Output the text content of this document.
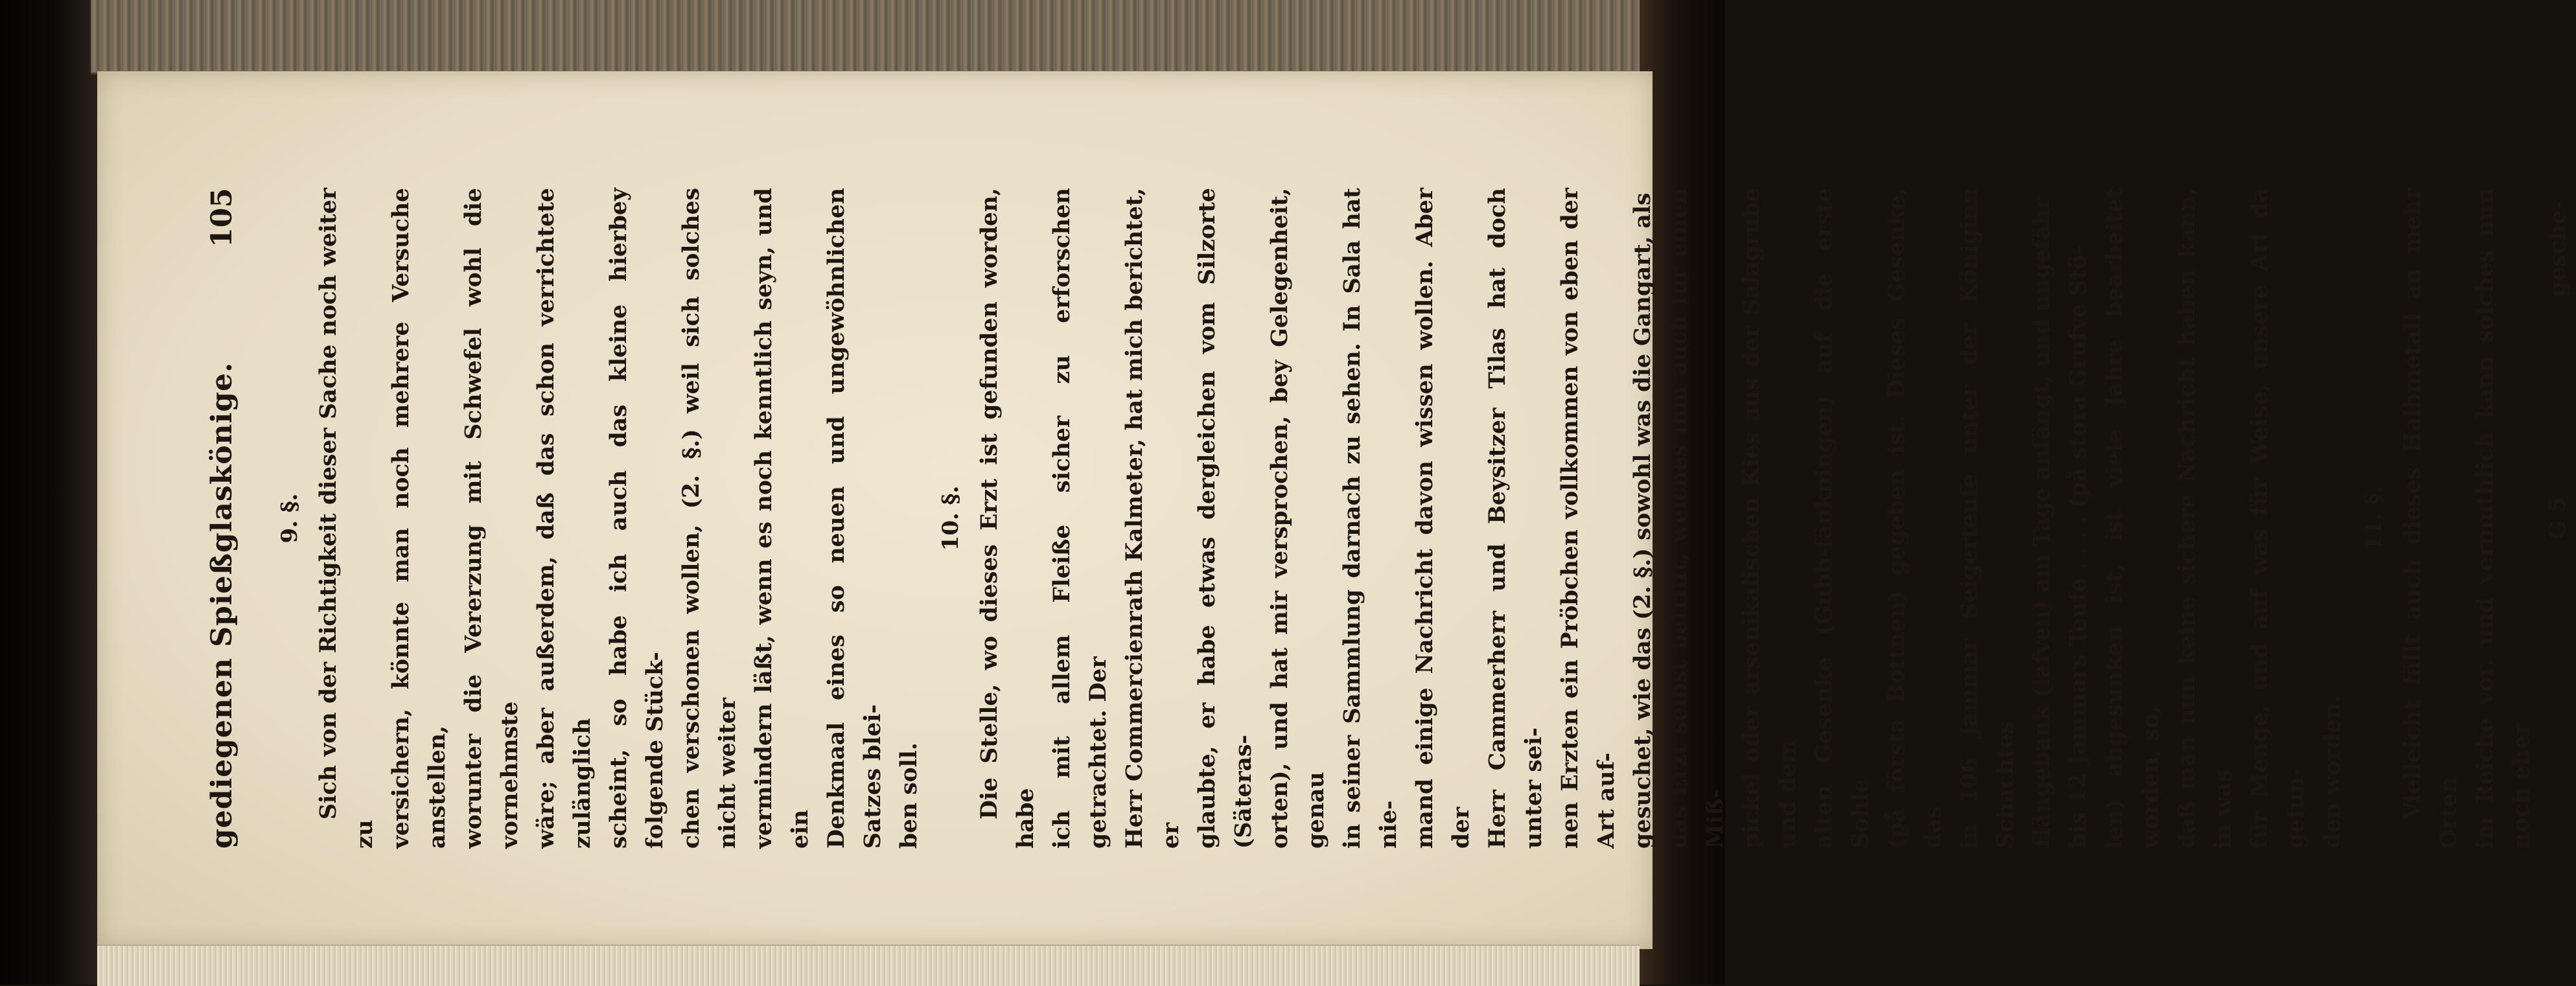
gediegenen Spießglaskönige.
105
9. §. Sich von der Richtigkeit dieser Sache noch weiter zu versichern, könnte man noch mehrere Versuche anstellen, worunter die Vererzung mit Schwefel wohl die vornehmste wäre; aber außerdem, daß das schon verrichtete zulänglich scheint, so habe ich auch das kleine hierbey folgende Stück- chen verschonen wollen, (2. §.) weil sich solches nicht weiter vermindern läßt, wenn es noch kenntlich seyn, und ein Denkmaal eines so neuen und ungewöhnlichen Satzes blei- ben soll.
10. §. Die Stelle, wo dieses Erzt ist gefunden worden, habe ich mit allem Fleiße sicher zu erforschen getrachtet. Der Herr Commercienrath Kalmeter, hat mich berichtet, er glaubte, er habe etwas dergleichen vom Silzorte (Säteras- orten), und hat mir versprochen, bey Gelegenheit, genau in seiner Sammlung darnach zu sehen. In Sala hat nie- mand einige Nachricht davon wissen wollen. Aber der Herr Cammerherr und Beysitzer Tilas hat doch unter sei- nen Erzten ein Pröbchen vollkommen von eben der Art auf- gesuchet, wie das (2. §.) sowohl was die Gangart, als das Erzt selbst betrifft, welches ihm auch für einen Miß- pickel oder arsenikalischen Kies aus der Salagrube und dem alten Gesenke (Gubb-fänkningen) auf die erste Sohle (på första Bottnen) gegeben ist. Dieses Gesenke, das in 106 Jammar Seigerteufe unter der Königinn Schachtes Hängebank (lafven) am Tage anfängt, und ungefähr bis 12 Jammars Teufe . . . . (på stora Grufve Stö- len) abgesunken ist, ist viele Jahre bearbeitet worden, so, daß man nun keine sichere Nachricht haben kann, in was für Menge, und auf was für Weise, unsere Art da gefun- den worden.
11. §. Vielleicht fällt auch dieses Halbmetall an mehr Orten im Reiche vor, und vermuthlich kann solches nun noch eher
G 5
gesche-
